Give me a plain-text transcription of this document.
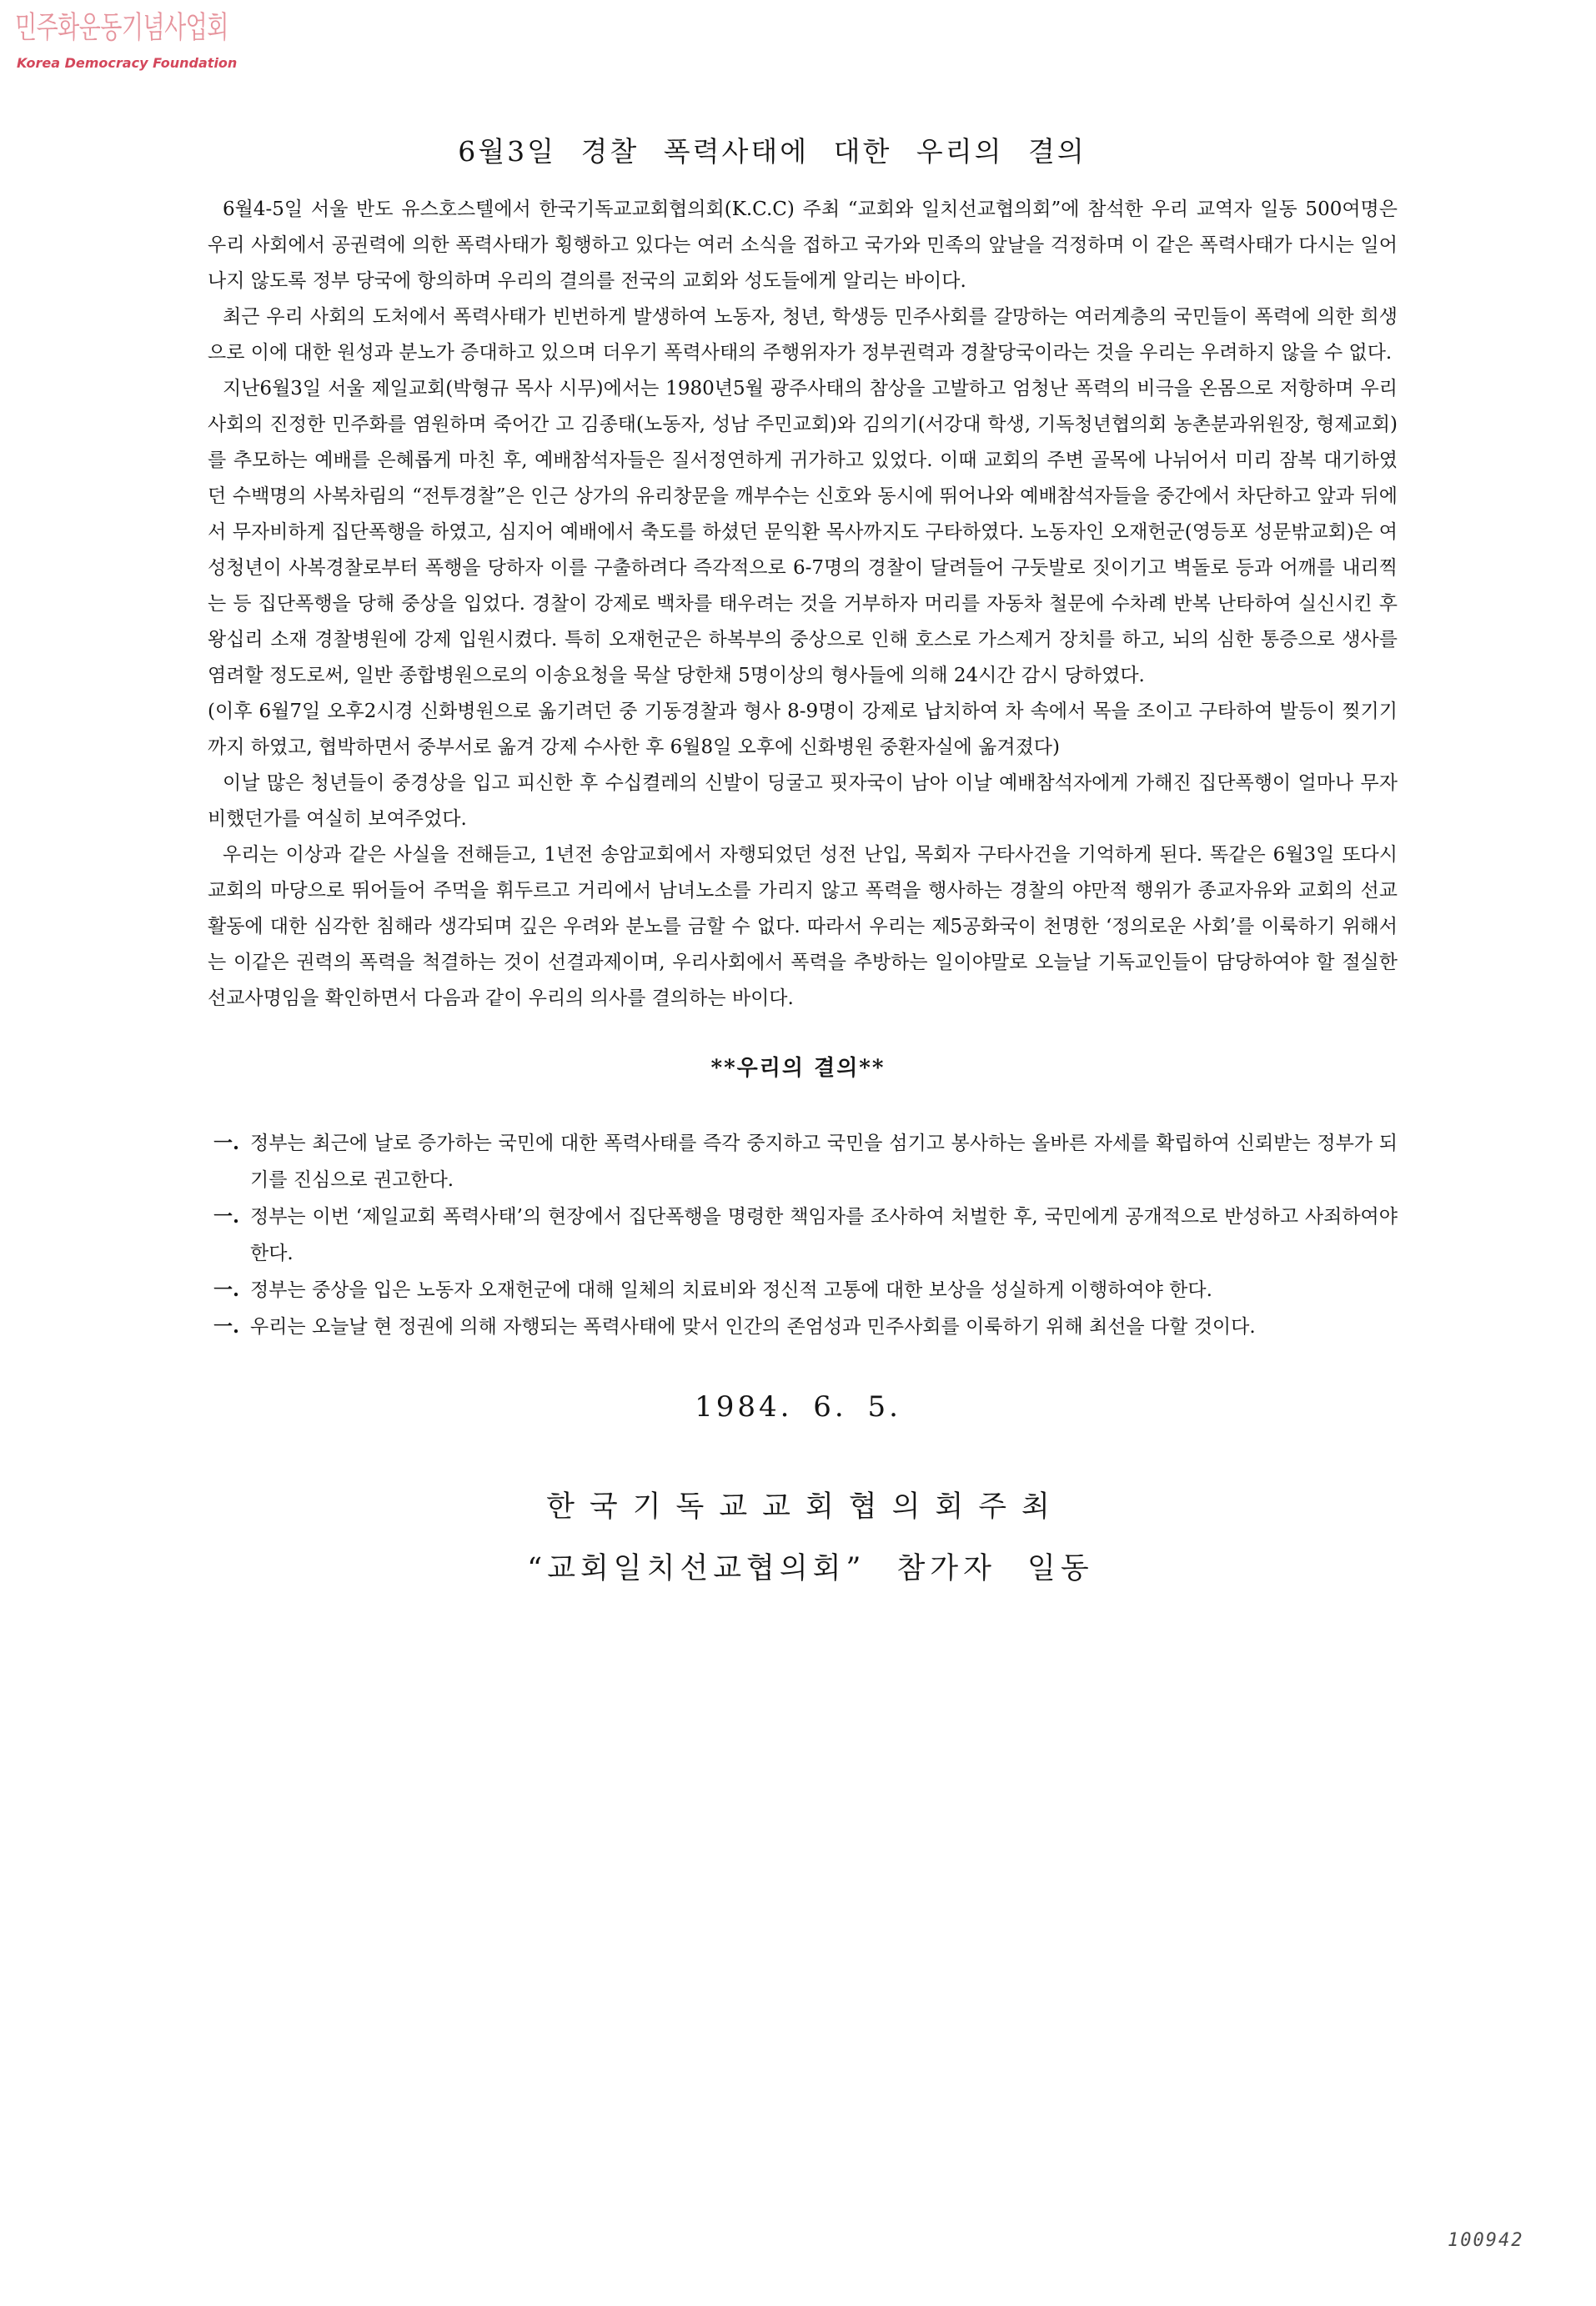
민주화운동기념사업회
Korea Democracy Foundation
6월3일 경찰 폭력사태에 대한 우리의 결의

6월4-5일 서울 반도 유스호스텔에서 한국기독교교회협의회(K.C.C) 주최 “교회와 일치선교협의회”에 참석한 우리 교역자 일동 500여명은 우리 사회에서 공권력에 의한 폭력사태가 횡행하고 있다는 여러 소식을 접하고 국가와 민족의 앞날을 걱정하며 이 같은 폭력사태가 다시는 일어나지 않도록 정부 당국에 항의하며 우리의 결의를 전국의 교회와 성도들에게 알리는 바이다.

최근 우리 사회의 도처에서 폭력사태가 빈번하게 발생하여 노동자, 청년, 학생등 민주사회를 갈망하는 여러계층의 국민들이 폭력에 의한 희생으로 이에 대한 원성과 분노가 증대하고 있으며 더우기 폭력사태의 주행위자가 정부권력과 경찰당국이라는 것을 우리는 우려하지 않을 수 없다.

지난6월3일 서울 제일교회(박형규 목사 시무)에서는 1980년5월 광주사태의 참상을 고발하고 엄청난 폭력의 비극을 온몸으로 저항하며 우리사회의 진정한 민주화를 염원하며 죽어간 고 김종태(노동자, 성남 주민교회)와 김의기(서강대 학생, 기독청년협의회 농촌분과위원장, 형제교회)를 추모하는 예배를 은혜롭게 마친 후, 예배참석자들은 질서정연하게 귀가하고 있었다. 이때 교회의 주변 골목에 나뉘어서 미리 잠복 대기하였던 수백명의 사복차림의 “전투경찰”은 인근 상가의 유리창문을 깨부수는 신호와 동시에 뛰어나와 예배참석자들을 중간에서 차단하고 앞과 뒤에서 무자비하게 집단폭행을 하였고, 심지어 예배에서 축도를 하셨던 문익환 목사까지도 구타하였다. 노동자인 오재헌군(영등포 성문밖교회)은 여성청년이 사복경찰로부터 폭행을 당하자 이를 구출하려다 즉각적으로 6-7명의 경찰이 달려들어 구둣발로 짓이기고 벽돌로 등과 어깨를 내리찍는 등 집단폭행을 당해 중상을 입었다. 경찰이 강제로 백차를 태우려는 것을 거부하자 머리를 자동차 철문에 수차례 반복 난타하여 실신시킨 후 왕십리 소재 경찰병원에 강제 입원시켰다. 특히 오재헌군은 하복부의 중상으로 인해 호스로 가스제거 장치를 하고, 뇌의 심한 통증으로 생사를 염려할 정도로써, 일반 종합병원으로의 이송요청을 묵살 당한채 5명이상의 형사들에 의해 24시간 감시 당하였다.

(이후 6월7일 오후2시경 신화병원으로 옮기려던 중 기동경찰과 형사 8-9명이 강제로 납치하여 차 속에서 목을 조이고 구타하여 발등이 찢기기 까지 하였고, 협박하면서 중부서로 옮겨 강제 수사한 후 6월8일 오후에 신화병원 중환자실에 옮겨졌다)

이날 많은 청년들이 중경상을 입고 피신한 후 수십켤레의 신발이 딩굴고 핏자국이 남아 이날 예배참석자에게 가해진 집단폭행이 얼마나 무자비했던가를 여실히 보여주었다.

우리는 이상과 같은 사실을 전해듣고, 1년전 송암교회에서 자행되었던 성전 난입, 목회자 구타사건을 기억하게 된다. 똑같은 6월3일 또다시 교회의 마당으로 뛰어들어 주먹을 휘두르고 거리에서 남녀노소를 가리지 않고 폭력을 행사하는 경찰의 야만적 행위가 종교자유와 교회의 선교활동에 대한 심각한 침해라 생각되며 깊은 우려와 분노를 금할 수 없다. 따라서 우리는 제5공화국이 천명한 ‘정의로운 사회’를 이룩하기 위해서는 이같은 권력의 폭력을 척결하는 것이 선결과제이며, 우리사회에서 폭력을 추방하는 일이야말로 오늘날 기독교인들이 담당하여야 할 절실한 선교사명임을 확인하면서 다음과 같이 우리의 의사를 결의하는 바이다.

**우리의 결의**
一. 정부는 최근에 날로 증가하는 국민에 대한 폭력사태를 즉각 중지하고 국민을 섬기고 봉사하는 올바른 자세를 확립하여 신뢰받는 정부가 되기를 진심으로 권고한다.
一. 정부는 이번 ‘제일교회 폭력사태’의 현장에서 집단폭행을 명령한 책임자를 조사하여 처벌한 후, 국민에게 공개적으로 반성하고 사죄하여야 한다.
一. 정부는 중상을 입은 노동자 오재헌군에 대해 일체의 치료비와 정신적 고통에 대한 보상을 성실하게 이행하여야 한다.
一. 우리는 오늘날 현 정권에 의해 자행되는 폭력사태에 맞서 인간의 존엄성과 민주사회를 이룩하기 위해 최선을 다할 것이다.
1984. 6. 5.
한국기독교교회협의회주최
“교회일치선교협의회” 참가자 일동
100942
